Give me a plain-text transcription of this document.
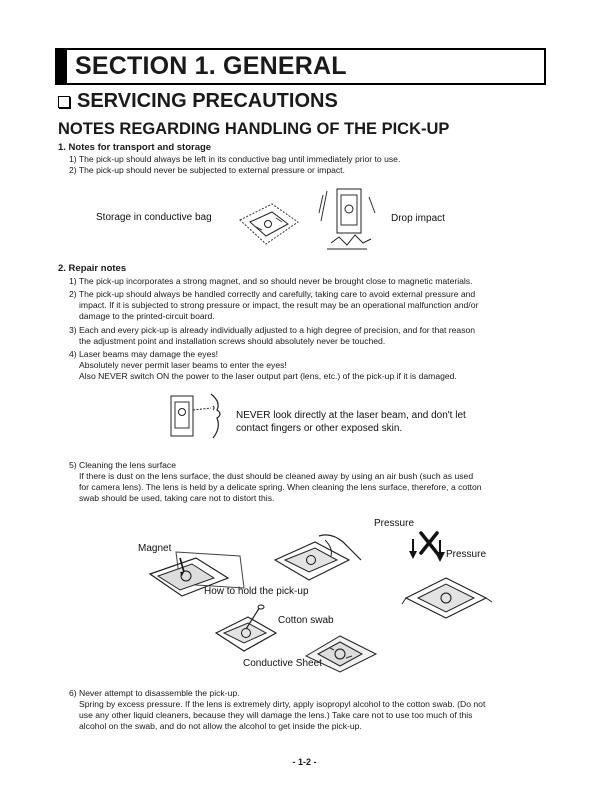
SECTION 1. GENERAL
SERVICING PRECAUTIONS
NOTES REGARDING HANDLING OF THE PICK-UP
1. Notes for transport and storage
1) The pick-up should always be left in its conductive bag until immediately prior to use.
2) The pick-up should never be subjected to external pressure or impact.
Storage in conductive bag	Drop impact
2. Repair notes
1) The pick-up incorporates a strong magnet, and so should never be brought close to magnetic materials.
2) The pick-up should always be handled correctly and carefully, taking care to avoid external pressure and
impact. If it is subjected to strong pressure or impact, the result may be an operational malfunction and/or
damage to the printed-circuit board.
3) Each and every pick-up is already individually adjusted to a high degree of precision, and for that reason
the adjustment point and installation screws should absolutely never be touched.
4) Laser beams may damage the eyes!
Absolutely never permit laser beams to enter the eyes!
Also NEVER switch ON the power to the laser output part (lens, etc.) of the pick-up if it is damaged.
NEVER look directly at the laser beam, and don't let
contact fingers or other exposed skin.
5) Cleaning the lens surface
If there is dust on the lens surface, the dust should be cleaned away by using an air bush (such as used
for camera lens). The lens is held by a delicate spring. When cleaning the lens surface, therefore, a cotton
swab should be used, taking care not to distort this.
Pressure
Pressure
Magnet
How to hold the pick-up
Cotton swab
Conductive Sheet
6) Never attempt to disassemble the pick-up.
Spring by excess pressure. If the lens is extremely dirty, apply isopropyl alcohol to the cotton swab. (Do not
use any other liquid cleaners, because they will damage the lens.) Take care not to use too much of this
alcohol on the swab, and do not allow the alcohol to get inside the pick-up.
- 1-2 -
